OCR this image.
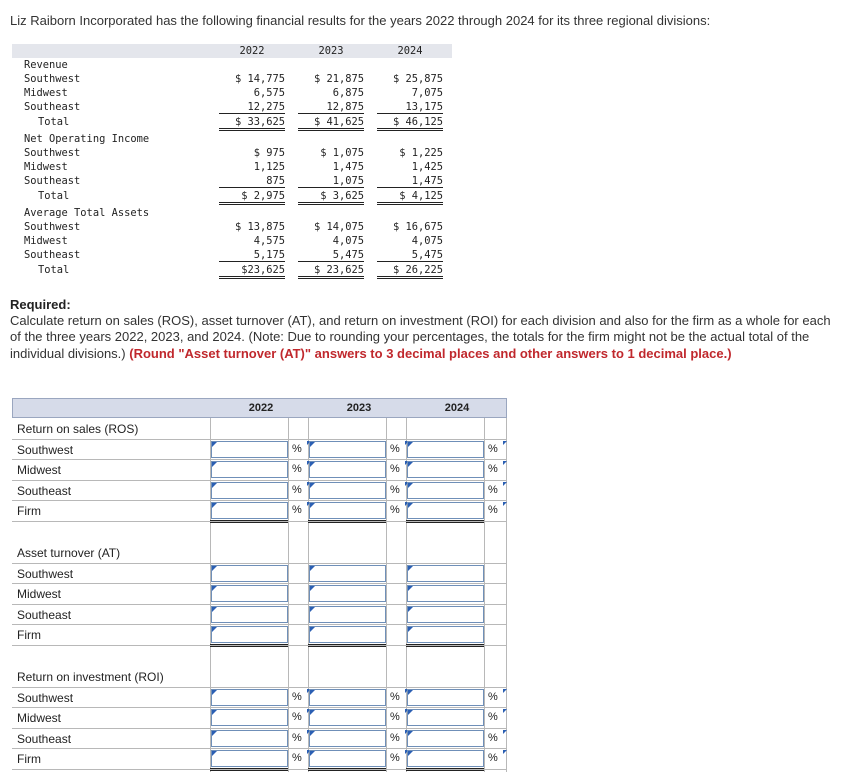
Liz Raiborn Incorporated has the following financial results for the years 2022 through 2024 for its three regional divisions:
2022	2023	2024
Revenue
Southwest	$ 14,775	$ 21,875	$ 25,875
Midwest	6,575	6,875	7,075
Southeast	12,275	12,875	13,175
Total	$ 33,625	$ 41,625	$ 46,125
Net Operating Income
Southwest	$ 975	$ 1,075	$ 1,225
Midwest	1,125	1,475	1,425
Southeast	875	1,075	1,475
Total	$ 2,975	$ 3,625	$ 4,125
Average Total Assets
Southwest	$ 13,875	$ 14,075	$ 16,675
Midwest	4,575	4,075	4,075
Southeast	5,175	5,475	5,475
Total	$23,625	$ 23,625	$ 26,225
Required:
Calculate return on sales (ROS), asset turnover (AT), and return on investment (ROI) for each division and also for the firm as a whole for each of the three years 2022, 2023, and 2024. (Note: Due to rounding your percentages, the totals for the firm might not be the actual total of the individual divisions.) (Round "Asset turnover (AT)" answers to 3 decimal places and other answers to 1 decimal place.)
2022	2023	2024
Return on sales (ROS)
Southwest	%	%	%
Midwest	%	%	%
Southeast	%	%	%
Firm	%	%	%
Asset turnover (AT)
Southwest
Midwest
Southeast
Firm
Return on investment (ROI)
Southwest	%	%	%
Midwest	%	%	%
Southeast	%	%	%
Firm	%	%	%
